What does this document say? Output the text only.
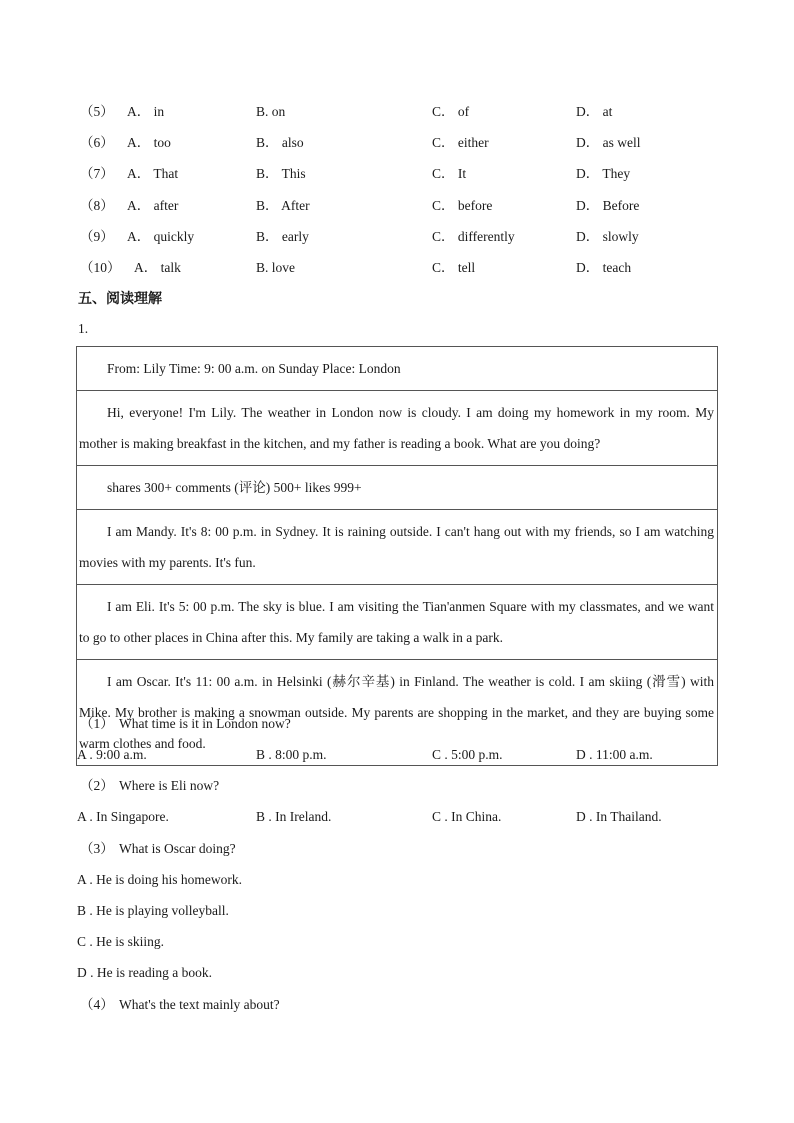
（5） A． in	B. on	C． of	D． at
（6） A． too	B． also	C． either	D． as well
（7） A． That	B． This	C． It	D． They
（8） A． after	B． After	C． before	D． Before
（9） A． quickly	B． early	C． differently	D． slowly
（10） A． talk	B. love	C． tell	D． teach
五、阅读理解
1.
From: Lily Time: 9: 00 a.m. on Sunday Place: London
Hi, everyone! I'm Lily. The weather in London now is cloudy. I am doing my homework in my room. My mother is making breakfast in the kitchen, and my father is reading a book. What are you doing?
shares 300+ comments (评论) 500+ likes 999+
I am Mandy. It's 8: 00 p.m. in Sydney. It is raining outside. I can't hang out with my friends, so I am watching movies with my parents. It's fun.
I am Eli. It's 5: 00 p.m. The sky is blue. I am visiting the Tian'anmen Square with my classmates, and we want to go to other places in China after this. My family are taking a walk in a park.
I am Oscar. It's 11: 00 a.m. in Helsinki (赫尔辛基) in Finland. The weather is cold. I am skiing (滑雪) with Mike. My brother is making a snowman outside. My parents are shopping in the market, and they are buying some warm clothes and food.
（1） What time is it in London now?
A . 9:00 a.m.	B . 8:00 p.m.	C . 5:00 p.m.	D . 11:00 a.m.
（2） Where is Eli now?
A . In Singapore.	B . In Ireland.	C . In China.	D . In Thailand.
（3） What is Oscar doing?
A . He is doing his homework.
B . He is playing volleyball.
C . He is skiing.
D . He is reading a book.
（4） What's the text mainly about?
